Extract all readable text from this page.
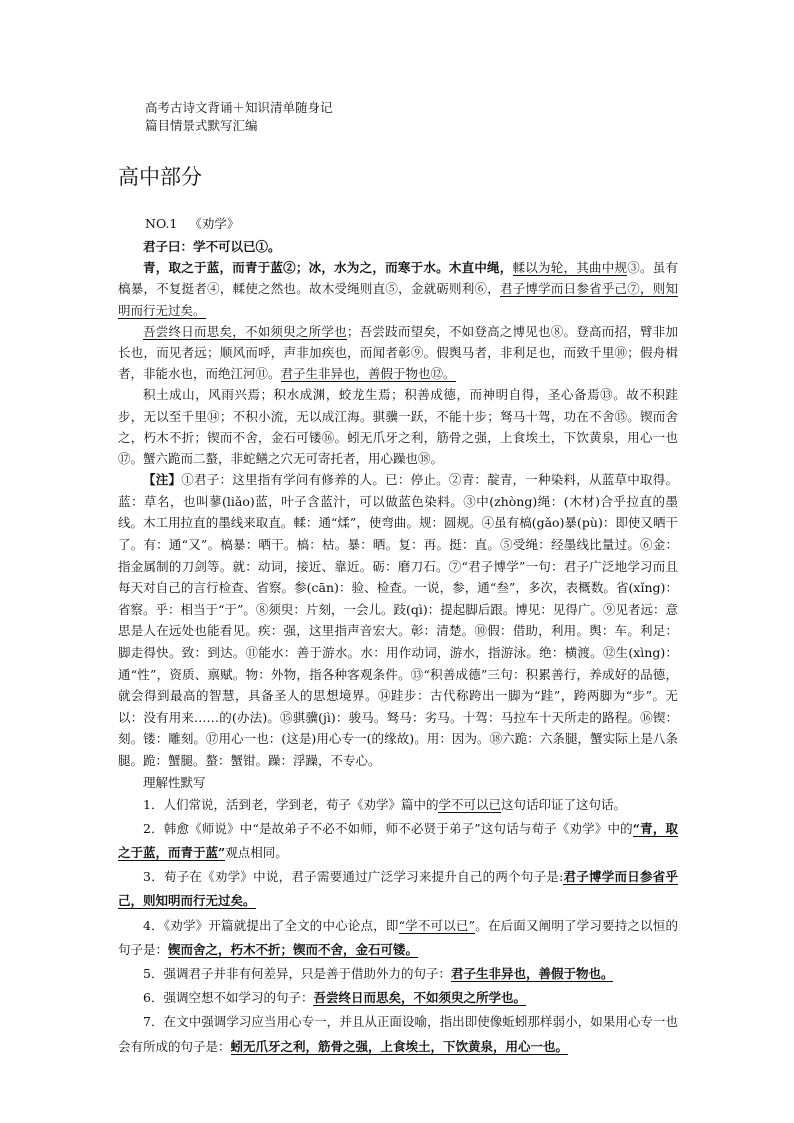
高考古诗文背诵＋知识清单随身记
篇目情景式默写汇编
高中部分
NO.1 《劝学》

君子曰：学不可以已①。

青，取之于蓝，而青于蓝②；冰，水为之，而寒于水。木直中绳，輮以为轮，其曲中规③。虽有槁暴，不复挺者④，輮使之然也。故木受绳则直⑤，金就砺则利⑥，君子博学而日参省乎己⑦，则知明而行无过矣。

吾尝终日而思矣，不如须臾之所学也；吾尝跂而望矣，不如登高之博见也⑧。登高而招，臂非加长也，而见者远；顺风而呼，声非加疾也，而闻者彰⑨。假舆马者，非利足也，而致千里⑩；假舟楫者，非能水也，而绝江河⑪。君子生非异也，善假于物也⑫。

积土成山，风雨兴焉；积水成渊，蛟龙生焉；积善成德，而神明自得，圣心备焉⑬。故不积跬步，无以至千里⑭；不积小流，无以成江海。骐骥一跃，不能十步；驽马十驾，功在不舍⑮。锲而舍之，朽木不折；锲而不舍，金石可镂⑯。蚓无爪牙之利，筋骨之强，上食埃土，下饮黄泉，用心一也⑰。蟹六跪而二螯，非蛇鳝之穴无可寄托者，用心躁也⑱。

【注】①君子：这里指有学问有修养的人。已：停止。②青：靛青，一种染料，从蓝草中取得。蓝：草名，也叫蓼(liǎo)蓝，叶子含蓝汁，可以做蓝色染料。③中(zhòng)绳：(木材)合乎拉直的墨线。木工用拉直的墨线来取直。輮：通“煣”，使弯曲。规：圆规。④虽有槁(gǎo)暴(pù)：即使又晒干了。有：通“又”。槁暴：晒干。槁：枯。暴：晒。复：再。挺：直。⑤受绳：经墨线比量过。⑥金：指金属制的刀剑等。就：动词，接近、靠近。砺：磨刀石。⑦“君子博学”一句：君子广泛地学习而且每天对自己的言行检查、省察。参(cān)：验、检查。一说，参，通“叁”，多次，表概数。省(xǐng)：省察。乎：相当于“于”。⑧须臾：片刻，一会儿。跂(qì)：提起脚后跟。博见：见得广。⑨见者远：意思是人在远处也能看见。疾：强，这里指声音宏大。彰：清楚。⑩假：借助，利用。舆：车。利足：脚走得快。致：到达。⑪能水：善于游水。水：用作动词，游水，指游泳。绝：横渡。⑫生(xìng)：通“性”，资质、禀赋。物：外物，指各种客观条件。⑬“积善成德”三句：积累善行，养成好的品德，就会得到最高的智慧，具备圣人的思想境界。⑭跬步：古代称跨出一脚为“跬”，跨两脚为“步”。无以：没有用来……的(办法)。⑮骐骥(jì)：骏马。驽马：劣马。十驾：马拉车十天所走的路程。⑯锲：刻。镂：雕刻。⑰用心一也：(这是)用心专一(的缘故)。用：因为。⑱六跪：六条腿，蟹实际上是八条腿。跪：蟹腿。螯：蟹钳。躁：浮躁，不专心。

理解性默写

1．人们常说，活到老，学到老，荀子《劝学》篇中的学不可以已这句话印证了这句话。

2．韩愈《师说》中“是故弟子不必不如师，师不必贤于弟子”这句话与荀子《劝学》中的“青，取之于蓝，而青于蓝”观点相同。

3．荀子在《劝学》中说，君子需要通过广泛学习来提升自己的两个句子是:君子博学而日参省乎己，则知明而行无过矣。

4．《劝学》开篇就提出了全文的中心论点，即“学不可以已”。在后面又阐明了学习要持之以恒的句子是：锲而舍之，朽木不折；锲而不舍，金石可镂。

5．强调君子并非有何差异，只是善于借助外力的句子：君子生非异也，善假于物也。

6．强调空想不如学习的句子：吾尝终日而思矣，不如须臾之所学也。

7．在文中强调学习应当用心专一，并且从正面设喻，指出即使像蚯蚓那样弱小，如果用心专一也会有所成的句子是：蚓无爪牙之利，筋骨之强，上食埃土，下饮黄泉，用心一也。
